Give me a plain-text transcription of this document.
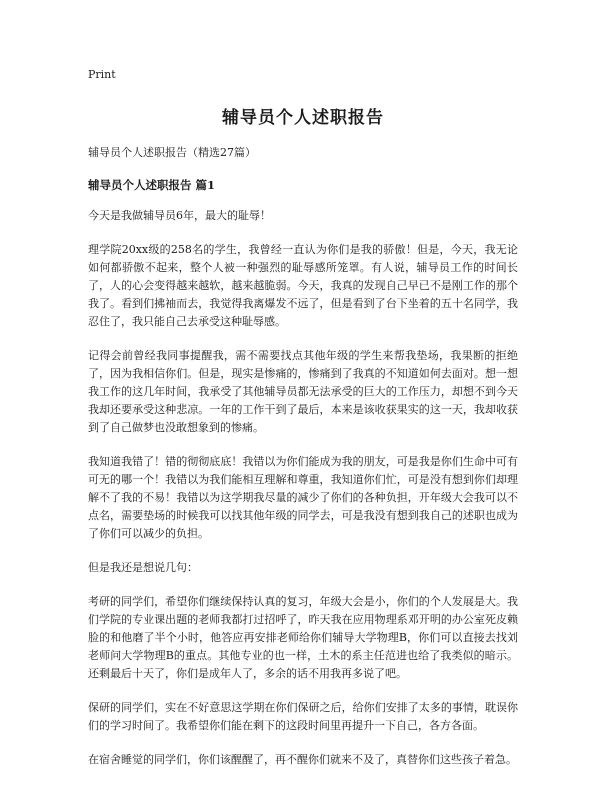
Print
辅导员个人述职报告

辅导员个人述职报告（精选27篇）

辅导员个人述职报告 篇1

今天是我做辅导员6年，最大的耻辱！

理学院20xx级的258名的学生，我曾经一直认为你们是我的骄傲！但是，今天，我无论如何都骄傲不起来，整个人被一种强烈的耻辱感所笼罩。有人说，辅导员工作的时间长了，人的心会变得越来越软，越来越脆弱。今天，我真的发现自己早已不是刚工作的那个我了。看到们拂袖而去，我觉得我离爆发不远了，但是看到了台下坐着的五十名同学，我忍住了，我只能自己去承受这种耻辱感。

记得会前曾经我同事提醒我，需不需要找点其他年级的学生来帮我垫场，我果断的拒绝了，因为我相信你们。但是，现实是惨痛的，惨痛到了我真的不知道如何去面对。想一想我工作的这几年时间，我承受了其他辅导员都无法承受的巨大的工作压力，却想不到今天我却还要承受这种悲凉。一年的工作干到了最后，本来是该收获果实的这一天，我却收获到了自己做梦也没敢想象到的惨痛。

我知道我错了！错的彻彻底底！我错以为你们能成为我的朋友，可是我是你们生命中可有可无的哪一个！我错以为我们能相互理解和尊重，我知道你们忙，可是没有想到你们却理解不了我的不易！我错以为这学期我尽量的减少了你们的各种负担，开年级大会我可以不点名，需要垫场的时候我可以找其他年级的同学去，可是我没有想到我自己的述职也成为了你们可以减少的负担。

但是我还是想说几句：

考研的同学们，希望你们继续保持认真的复习，年级大会是小，你们的个人发展是大。我们学院的专业课出题的老师我都打过招呼了，昨天我在应用物理系邓开明的办公室死皮赖脸的和他磨了半个小时，他答应再安排老师给你们辅导大学物理B，你们可以直接去找刘老师问大学物理B的重点。其他专业的也一样，土木的系主任范进也给了我类似的暗示。还剩最后十天了，你们是成年人了，多余的话不用我再多说了吧。

保研的同学们，实在不好意思这学期在你们保研之后，给你们安排了太多的事情，耽误你们的学习时间了。我希望你们能在剩下的这段时间里再提升一下自己，各方各面。

在宿舍睡觉的同学们，你们该醒醒了，再不醒你们就来不及了，真替你们这些孩子着急。
